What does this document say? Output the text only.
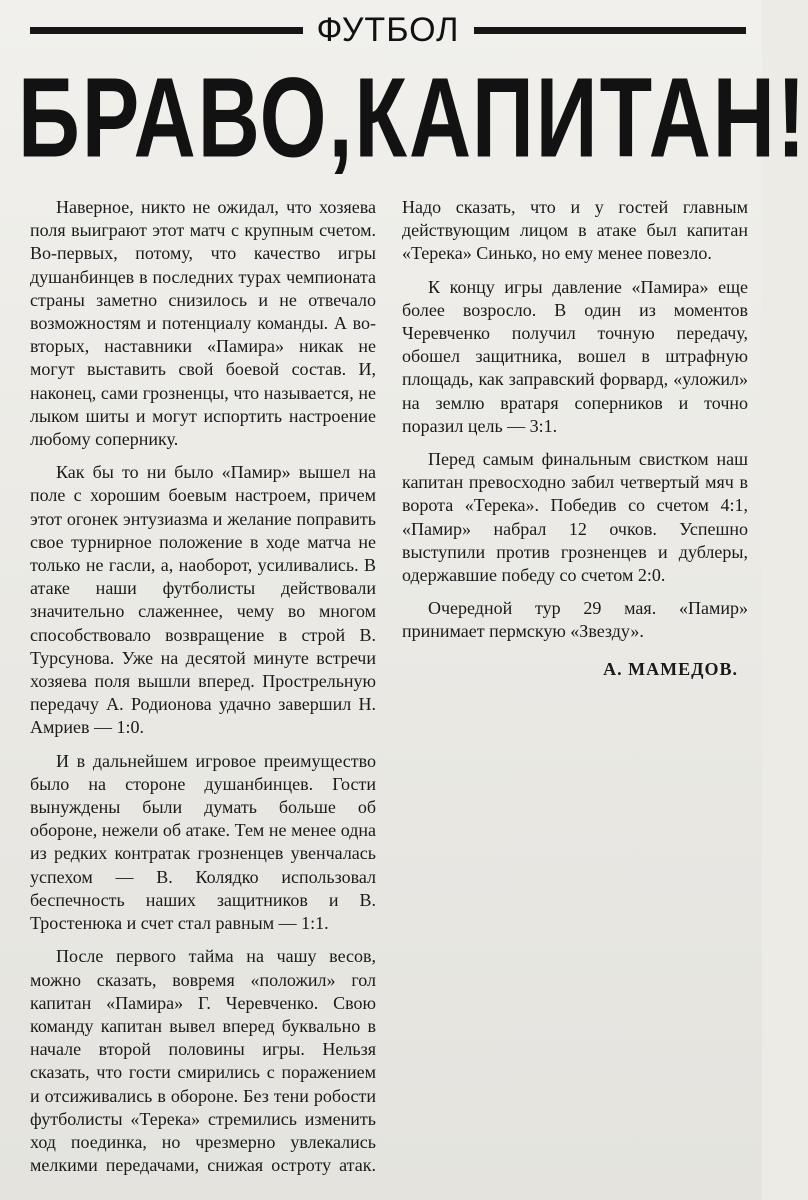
ФУТБОЛ
БРАВО, КАПИТАН!

Наверное, никто не ожидал, что хозяева поля выиграют этот матч с крупным счетом. Во-первых, потому, что качество игры душанбинцев в последних турах чемпионата страны заметно снизилось и не отвечало возможностям и потенциалу команды. А во-вторых, наставники «Памира» никак не могут выставить свой боевой состав. И, наконец, сами грозненцы, что называется, не лыком шиты и могут испортить настроение любому сопернику.

Как бы то ни было «Памир» вышел на поле с хорошим боевым настроем, причем этот огонек энтузиазма и желание поправить свое турнирное положение в ходе матча не только не гасли, а, наоборот, усиливались. В атаке наши футболисты действовали значительно слаженнее, чему во многом способствовало возвращение в строй В. Турсунова. Уже на десятой минуте встречи хозяева поля вышли вперед. Прострельную передачу А. Родионова удачно завершил Н. Амриев — 1:0.

И в дальнейшем игровое преимущество было на стороне душанбинцев. Гости вынуждены были думать больше об обороне, нежели об атаке. Тем не менее одна из редких контратак грозненцев увенчалась успехом — В. Колядко использовал беспечность наших защитников и В. Тростенюка и счет стал равным — 1:1.

После первого тайма на чашу весов, можно сказать, вовремя «положил» гол капитан «Памира» Г. Черевченко. Свою команду капитан вывел вперед буквально в начале второй половины игры. Нельзя сказать, что гости смирились с поражением и отсиживались в обороне. Без тени робости футболисты «Терека» стремились изменить ход поединка, но чрезмерно увлекались мелкими передачами, снижая остроту атак. Надо сказать, что и у гостей главным действующим лицом в атаке был капитан «Терека» Синько, но ему менее повезло.

К концу игры давление «Памира» еще более возросло. В один из моментов Черевченко получил точную передачу, обошел защитника, вошел в штрафную площадь, как заправский форвард, «уложил» на землю вратаря соперников и точно поразил цель — 3:1.

Перед самым финальным свистком наш капитан превосходно забил четвертый мяч в ворота «Терека». Победив со счетом 4:1, «Памир» набрал 12 очков. Успешно выступили против грозненцев и дублеры, одержавшие победу со счетом 2:0.

Очередной тур 29 мая. «Памир» принимает пермскую «Звезду».

А. МАМЕДОВ.
